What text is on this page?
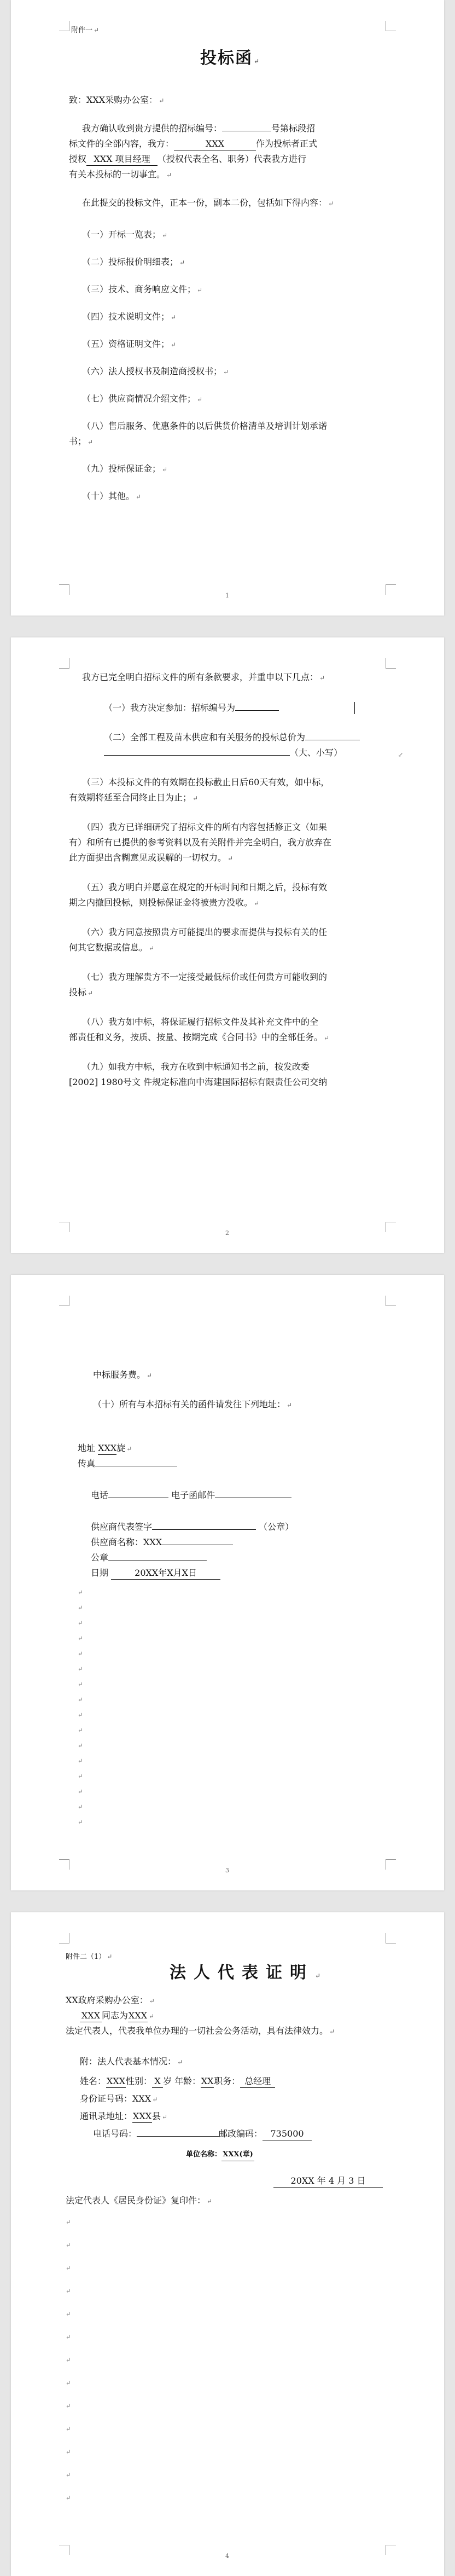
附件一 ↵
投标函 ↵
致：XXX采购办公室： ↵
我方确认收到贵方提供的招标编号：	号第标段招
标文件的全部内容，我方：	XXX	作为投标者正式
授权 XXX 项目经理 （授权代表全名、职务）代表我方进行
有关本投标的一切事宜。 ↵
在此提交的投标文件，正本一份，副本二份，包括如下得内容： ↵
（一）开标一览表； ↵
（二）投标报价明细表； ↵
（三）技术、商务响应文件； ↵
（四）技术说明文件； ↵
（五）资格证明文件； ↵
（六）法人授权书及制造商授权书； ↵
（七）供应商情况介绍文件； ↵
（八）售后服务、优惠条件的以后供货价格清单及培训计划承诺
书； ↵
（九）投标保证金； ↵
（十）其他。 ↵
1
我方已完全明白招标文件的所有条款要求，并重申以下几点： ↵
（一）我方决定参加：招标编号为
（二）全部工程及苗木供应和有关服务的投标总价为
（大、小写）	↙
（三）本投标文件的有效期在投标截止日后60天有效，如中标，
有效期将延至合同终止日为止； ↵
（四）我方已详细研究了招标文件的所有内容包括修正文（如果
有）和所有已提供的参考资料以及有关附件并完全明白，我方放弃在
此方面提出含糊意见或误解的一切权力。 ↵
（五）我方明白并愿意在规定的开标时间和日期之后，投标有效
期之内撤回投标，则投标保证金将被贵方没收。 ↵
（六）我方同意按照贵方可能提出的要求而提供与投标有关的任
何其它数据或信息。 ↵
（七）我方理解贵方不一定接受最低标价或任何贵方可能收到的
投标 ↵
（八）我方如中标，将保证履行招标文件及其补充文件中的全
部责任和义务，按质、按量、按期完成《合同书》中的全部任务。 ↵
（九）如我方中标，我方在收到中标通知书之前，按发改委
[2002] 1980号文 件规定标准向中海建国际招标有限责任公司交纳
2
中标服务费。 ↵
（十）所有与本招标有关的函件请发往下列地址： ↵
地址 XXX旋 ↵
传真
电话	电子函邮件
供应商代表签字	（公章）
供应商名称：XXX
公章
日期	20XX年X月X日
↵
↵
↵
↵
↵
↵
↵
↵
↵
↵
↵
↵
↵
↵
↵
↵
3
附件二（1） ↵
法人代表证明 ↵
XX政府采购办公室： ↵
XXX 同志为XXX ↵
法定代表人，代表我单位办理的一切社会公务活动，具有法律效力。 ↵
附：法人代表基本情况： ↵
姓名：XXX性别： X 岁 年龄：XX职务： 总经理
身份证号码：XXX ↵
通讯录地址：XXX县 ↵
电话号码：	邮政编码： 735000
单位名称： XXX(章)
20XX 年 4 月 3 日
法定代表人《居民身份证》复印件： ↵
↵
↵
↵
↵
↵
↵
↵
↵
↵
↵
↵
↵
↵
4
